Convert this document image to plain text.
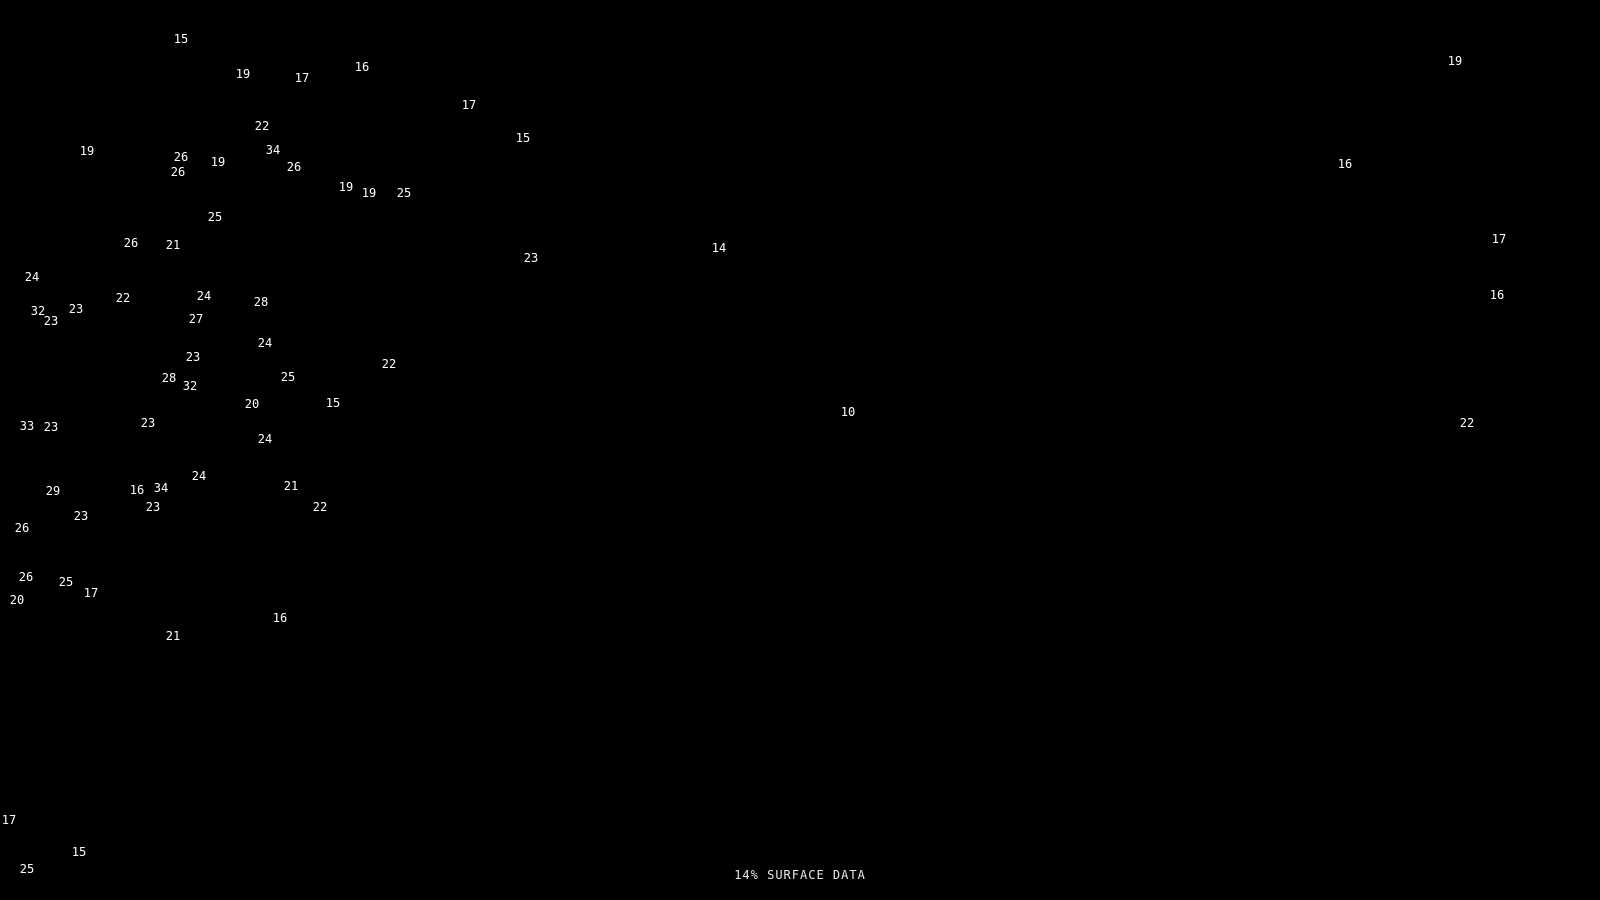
15
19	17
16
17
15
22
34
26
26
19	26
19
19 19 25
25
26 21
23
14
24
32
23
23
22	24
27
28
24
23
28
32
25
22
20	15
10
33 23	23
24
24
29	16 34
23
23
21
22
26
26 25
17
20
16
21
17
15
25
19
16
17
16
22
14% SURFACE DATA
